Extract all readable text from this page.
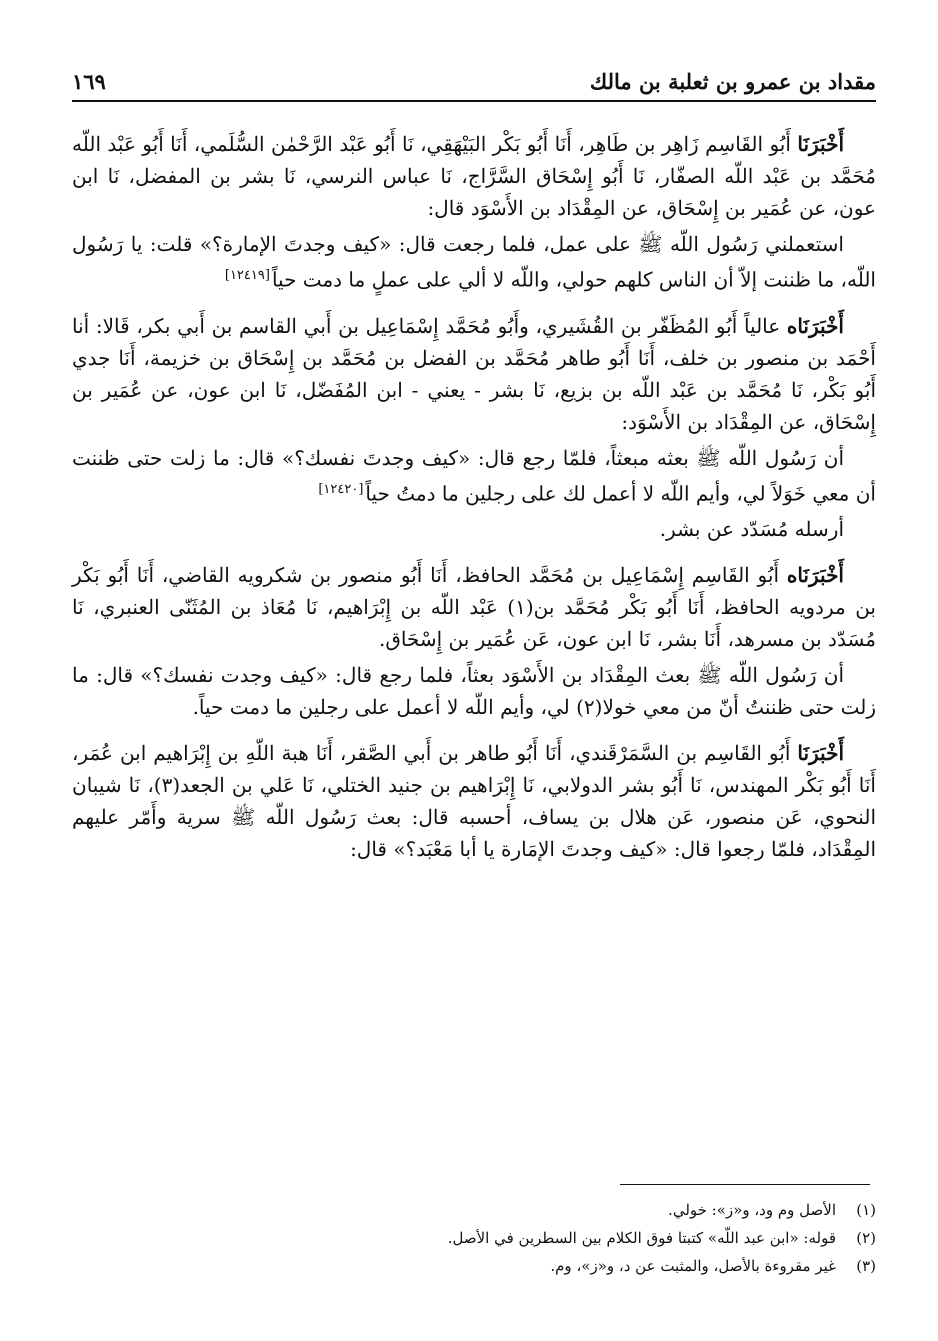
مقداد بن عمرو بن ثعلبة بن مالك
١٦٩

أَخْبَرَنَا أَبُو القَاسِم زَاهِر بن طَاهِر، أَنَا أَبُو بَكْر البَيْهَقِي، نَا أَبُو عَبْد الرَّحْمٰن السُّلَمي، أَنَا أَبُو عَبْد اللّه مُحَمَّد بن عَبْد اللّه الصفّار، نَا أَبُو إِسْحَاق السَّرَّاج، نَا عباس النرسي، نَا بشر بن المفضل، نَا ابن عون، عن عُمَير بن إِسْحَاق، عن المِقْدَاد بن الأَسْوَد قال:

استعملني رَسُول اللّه ﷺ على عمل، فلما رجعت قال: «كيف وجدتَ الإمارة؟» قلت: يا رَسُول اللّه، ما ظننت إلاّ أن الناس كلهم حولي، واللّه لا ألي على عملٍ ما دمت حياً[١٢٤١٩]

أَخْبَرَنَاه عالياً أَبُو المُظَفّر بن القُشَيري، وأَبُو مُحَمَّد إِسْمَاعِيل بن أَبي القاسم بن أَبي بكر، قَالا: أنا أَحْمَد بن منصور بن خلف، أَنَا أَبُو طاهر مُحَمَّد بن الفضل بن مُحَمَّد بن إِسْحَاق بن خزيمة، أَنَا جدي أَبُو بَكْر، نَا مُحَمَّد بن عَبْد اللّه بن بزيع، نَا بشر - يعني - ابن المُفَضّل، نَا ابن عون، عن عُمَير بن إِسْحَاق، عن المِقْدَاد بن الأَسْوَد:

أن رَسُول اللّه ﷺ بعثه مبعثاً، فلمّا رجع قال: «كيف وجدتَ نفسك؟» قال: ما زلت حتى ظننت أن معي خَوَلاً لي، وأيم اللّه لا أعمل لك على رجلين ما دمتُ حياً[١٢٤٢٠]

أرسله مُسَدّد عن بشر.

أَخْبَرَنَاه أَبُو القَاسِم إِسْمَاعِيل بن مُحَمَّد الحافظ، أَنَا أَبُو منصور بن شكرويه القاضي، أَنَا أَبُو بَكْر بن مردويه الحافظ، أَنَا أَبُو بَكْر مُحَمَّد بن(١) عَبْد اللّه بن إِبْرَاهيم، نَا مُعَاذ بن المُثَنّى العنبري، نَا مُسَدّد بن مسرهد، أَنَا بشر، نَا ابن عون، عَن عُمَير بن إِسْحَاق.

أن رَسُول اللّه ﷺ بعث المِقْدَاد بن الأَسْوَد بعثاً، فلما رجع قال: «كيف وجدت نفسك؟» قال: ما زلت حتى ظننتُ أنّ من معي خولا(٢) لي، وأيم اللّه لا أعمل على رجلين ما دمت حياً.

أَخْبَرَنَا أَبُو القَاسِم بن السَّمَرْقَندي، أَنَا أَبُو طاهر بن أَبي الصَّقر، أَنَا هبة اللّهِ بن إِبْرَاهيم ابن عُمَر، أَنَا أَبُو بَكْر المهندس، نَا أَبُو بشر الدولابي، نَا إِبْرَاهيم بن جنيد الختلي، نَا عَلي بن الجعد(٣)، نَا شيبان النحوي، عَن منصور، عَن هلال بن يساف، أحسبه قال: بعث رَسُول اللّه ﷺ سرية وأَمّر عليهم المِقْدَاد، فلمّا رجعوا قال: «كيف وجدتَ الإمَارة يا أبا مَعْبَد؟» قال:

(١)الأصل وم ود، و«ز»: خولي.

(٢)قوله: «ابن عبد اللّه» كتبتا فوق الكلام بين السطرين في الأصل.

(٣)غير مقروءة بالأصل، والمثبت عن د، و«ز»، وم.
